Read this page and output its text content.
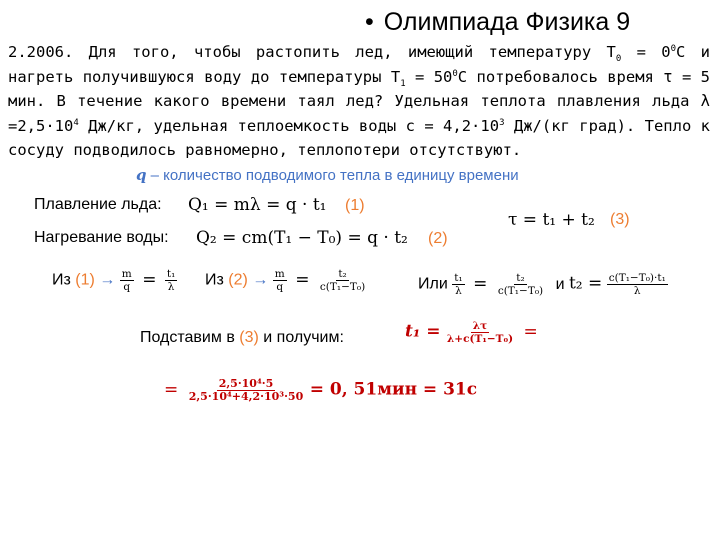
• Олимпиада Физика 9
2.2006. Для того, чтобы растопить лед, имеющий температуру $T_0 = 0^0С$ и нагреть получившуюся воду до температуры $T_1 = 50^0С$ потребовалось время τ = 5 мин. В течение какого времени таял лед? Удельная теплота плавления льда $\lambda =2,5\cdot 10^4$ Дж/кг, удельная теплоемкость воды $c = 4,2\cdot 10^3$ Дж/(кг град). Тепло к сосуду подводилось равномерно, теплопотери отсутствуют.
q – количество подводимого тепла в единицу времени
Плавление льда: Q₁ = mλ = q · t₁ (1)
Нагревание воды: Q₂ = cm(T₁ − T₀) = q · t₂ (2)
τ = t₁ + t₂ (3)
Из $(1) \to \frac{m}{q} = \frac{\text{t₁}}{\lambda}$ Из $(2) \to \frac{m}{q} = \frac{\text{t₂}}{\text{c(T₁−T₀)}}$	Или $\frac{\text{t₁}}{\lambda} = \frac{\text{t₂}}{\text{c(T₁−T₀)}}$ и $t_2 = \frac{\text{c(T₁−T₀)·t₁}}{\lambda}$
Подставим в (3) и получим:	$t_1 = \frac{\lambda\tau}{\text{λ+c(T₁−T₀)}}$ =
= $\frac{\text{2,5·10⁴·5}}{\text{2,5·10⁴+4,2·10³·50}} = 0$, 51мин = 31с
